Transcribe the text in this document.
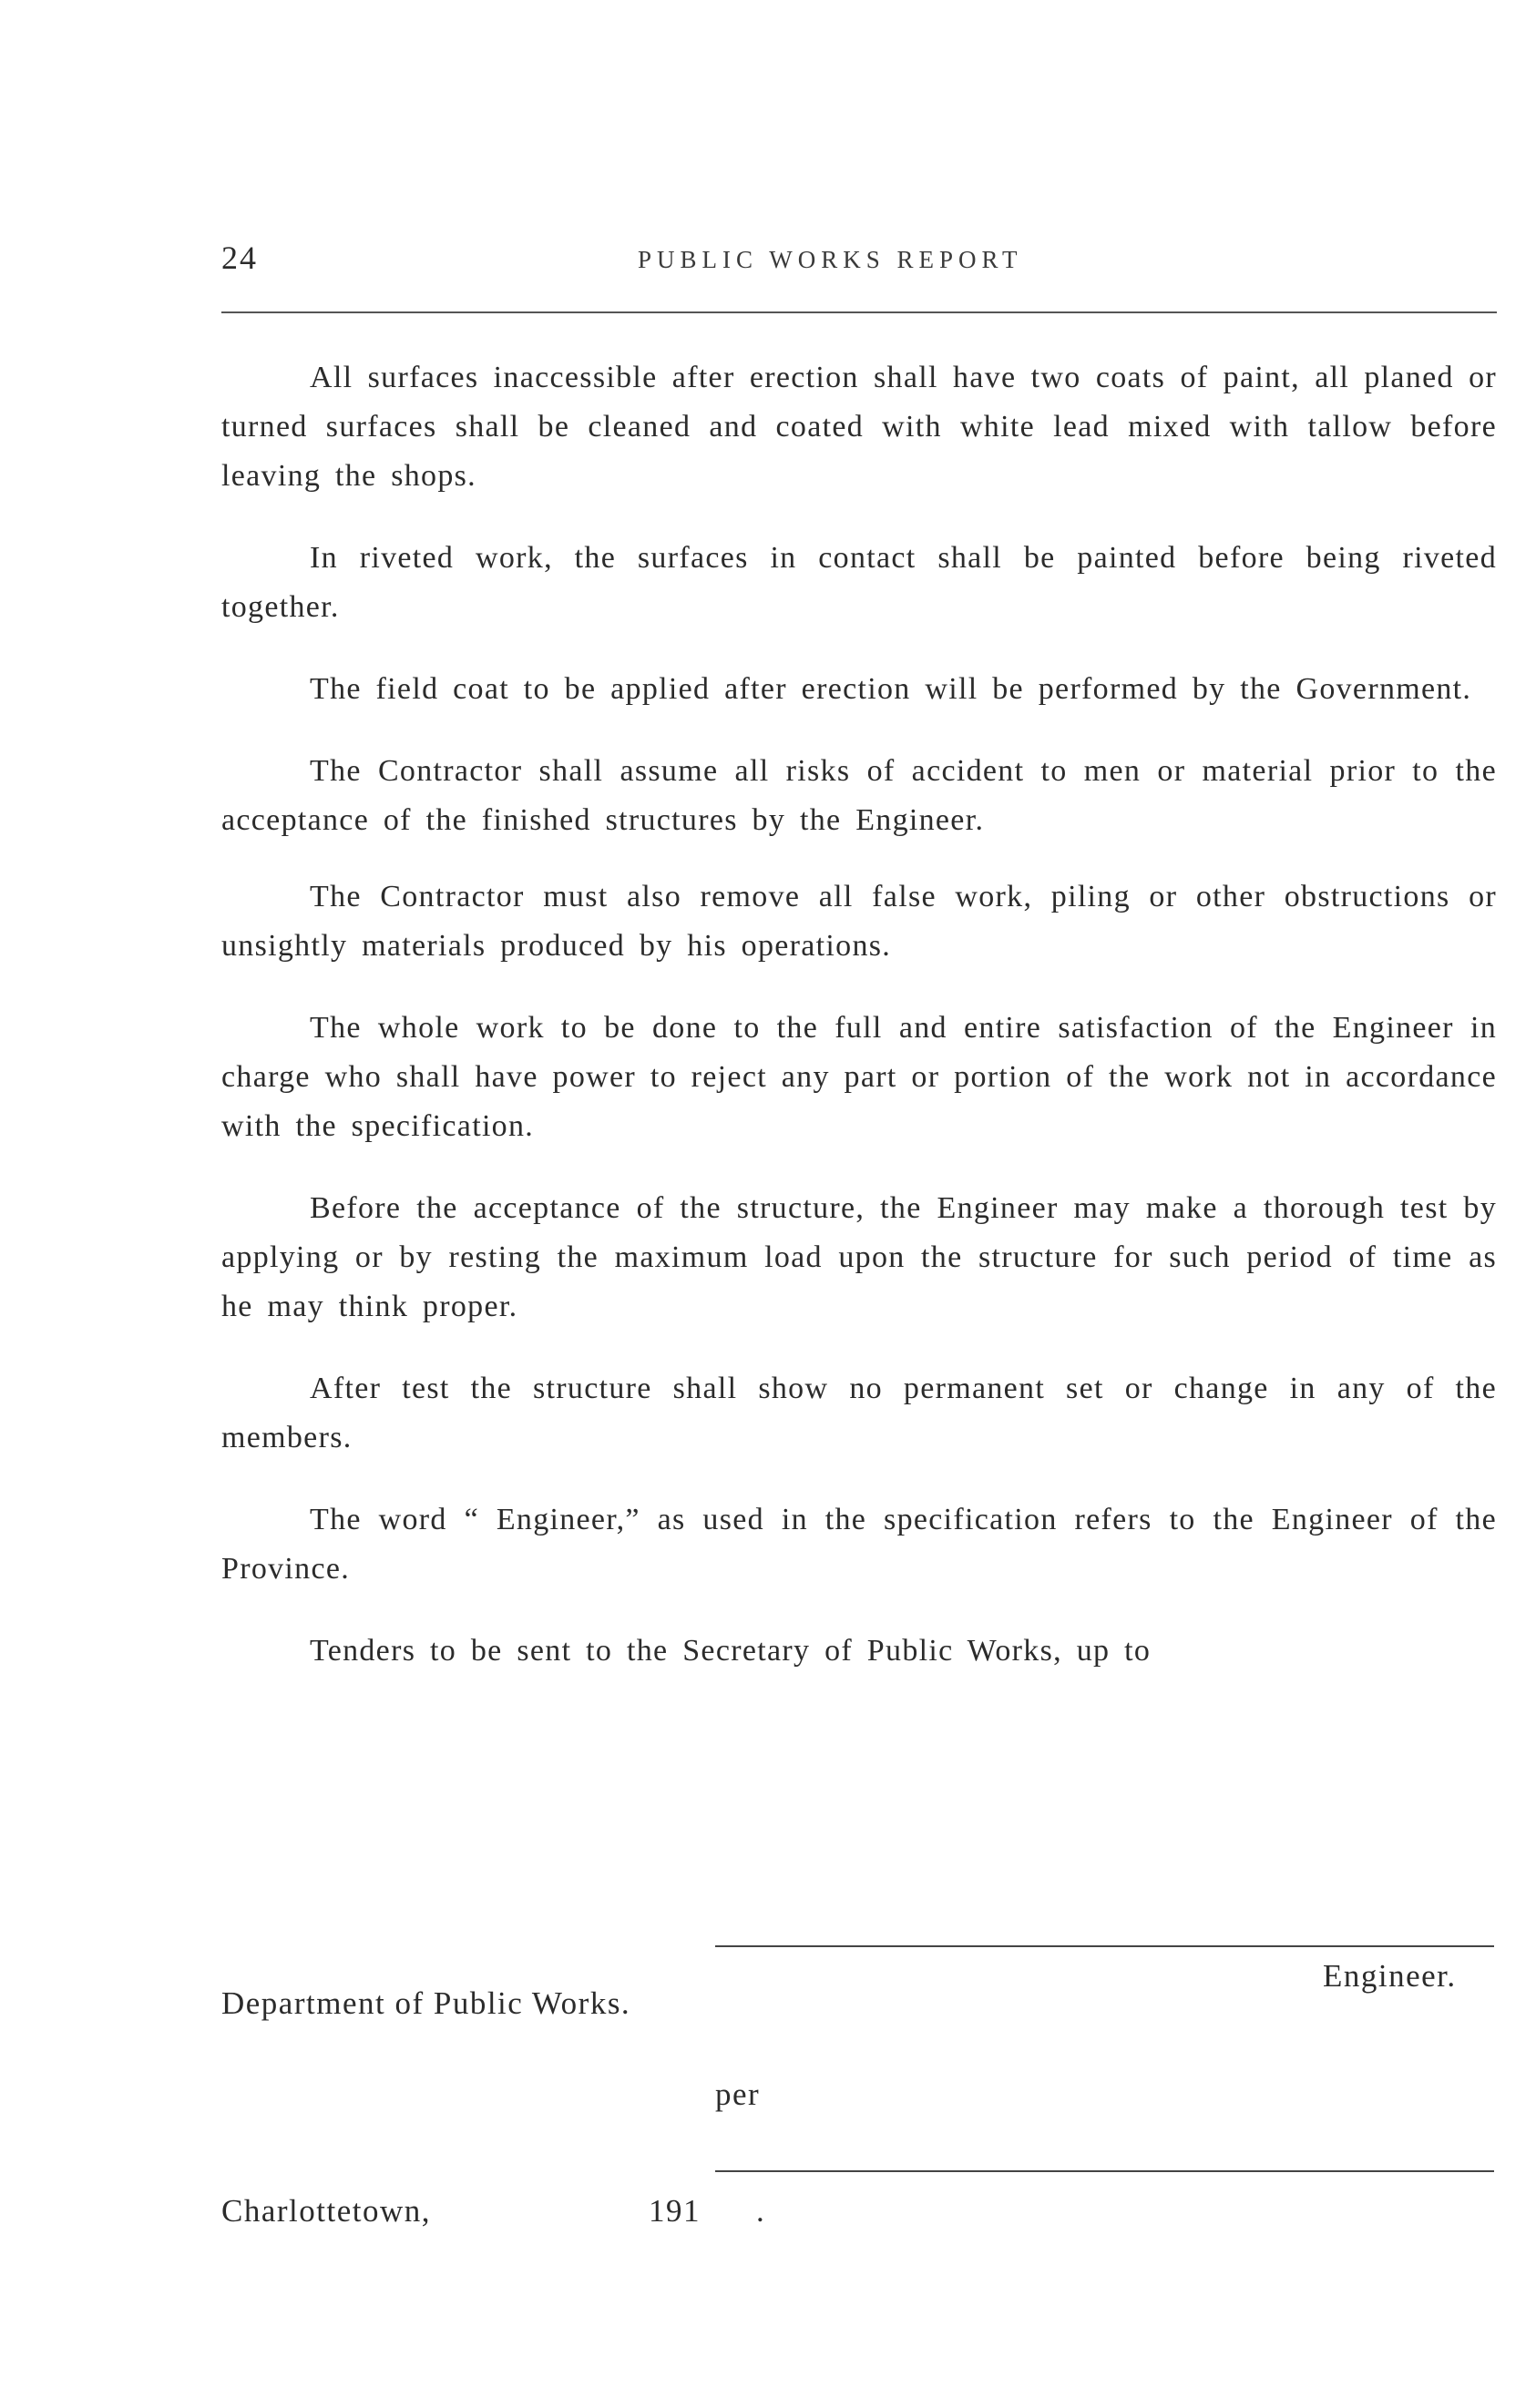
24	PUBLIC WORKS REPORT

All surfaces inaccessible after erection shall have two coats of paint, all planed or turned surfaces shall be cleaned and coated with white lead mixed with tallow before leaving the shops.

In riveted work, the surfaces in contact shall be painted before being riveted together.

The field coat to be applied after erection will be performed by the Government.

The Contractor shall assume all risks of accident to men or material prior to the acceptance of the finished structures by the Engineer.

The Contractor must also remove all false work, piling or other obstructions or unsightly materials produced by his operations.

The whole work to be done to the full and entire satisfaction of the Engineer in charge who shall have power to reject any part or portion of the work not in accordance with the specification.

Before the acceptance of the structure, the Engineer may make a thorough test by applying or by resting the maximum load upon the structure for such period of time as he may think proper.

After test the structure shall show no permanent set or change in any of the members.

The word “ Engineer,” as used in the specification refers to the Engineer of the Province.

Tenders to be sent to the Secretary of Public Works, up to

Engineer.
Department of Public Works.
per
Charlottetown,	191 .
